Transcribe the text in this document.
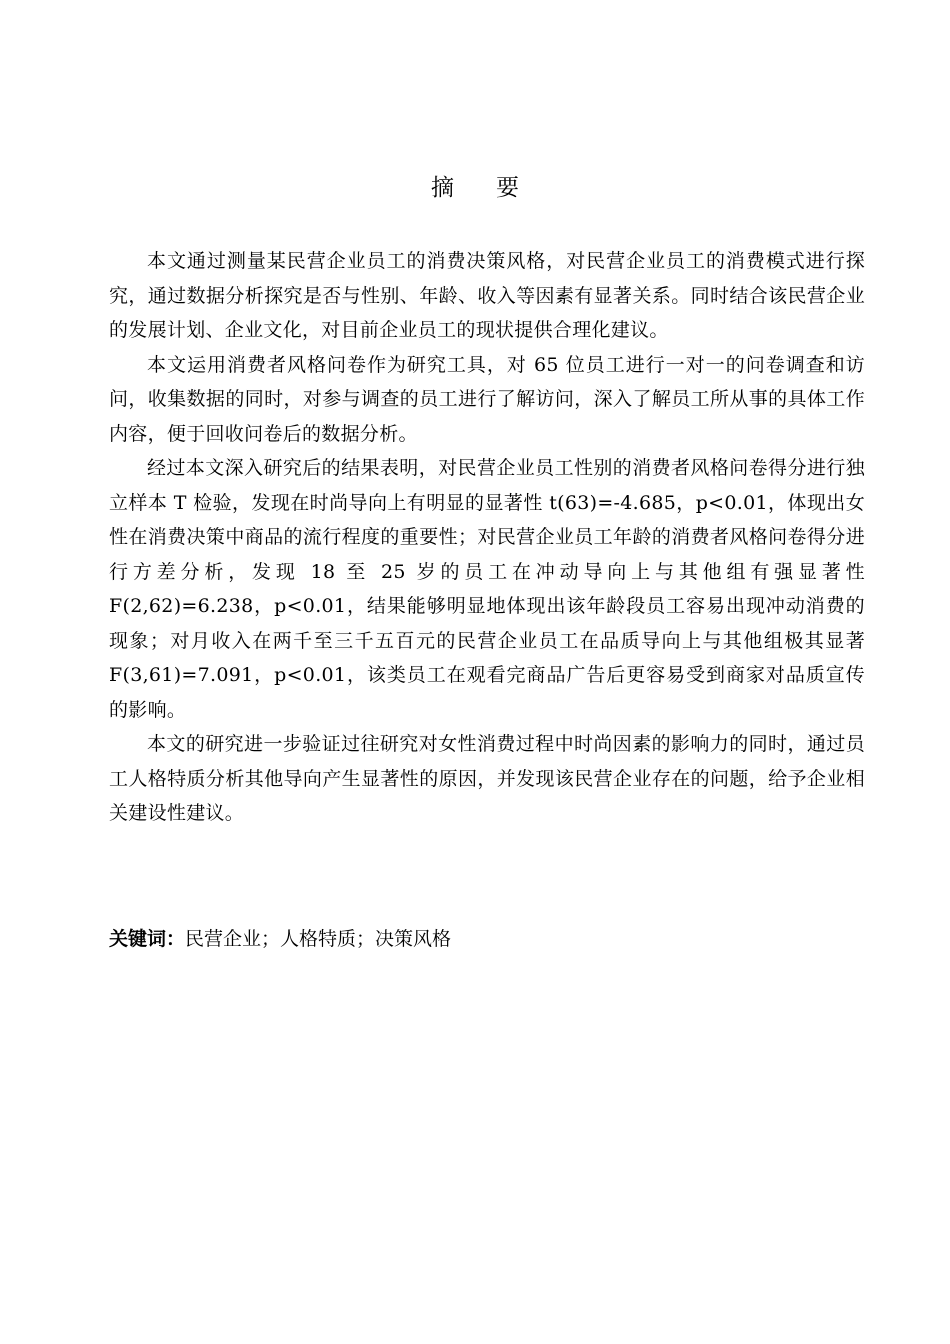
摘 要

本文通过测量某民营企业员工的消费决策风格，对民营企业员工的消费模式进行探究，通过数据分析探究是否与性别、年龄、收入等因素有显著关系。同时结合该民营企业的发展计划、企业文化，对目前企业员工的现状提供合理化建议。

本文运用消费者风格问卷作为研究工具，对 65 位员工进行一对一的问卷调查和访问，收集数据的同时，对参与调查的员工进行了解访问，深入了解员工所从事的具体工作内容，便于回收问卷后的数据分析。

经过本文深入研究后的结果表明，对民营企业员工性别的消费者风格问卷得分进行独立样本 T 检验，发现在时尚导向上有明显的显著性 t(63)=-4.685，p<0.01，体现出女性在消费决策中商品的流行程度的重要性；对民营企业员工年龄的消费者风格问卷得分进行方差分析，发现 18 至 25 岁的员工在冲动导向上与其他组有强显著性 F(2,62)=6.238，p<0.01，结果能够明显地体现出该年龄段员工容易出现冲动消费的现象；对月收入在两千至三千五百元的民营企业员工在品质导向上与其他组极其显著 F(3,61)=7.091，p<0.01，该类员工在观看完商品广告后更容易受到商家对品质宣传的影响。

本文的研究进一步验证过往研究对女性消费过程中时尚因素的影响力的同时，通过员工人格特质分析其他导向产生显著性的原因，并发现该民营企业存在的问题，给予企业相关建设性建议。

关键词：民营企业；人格特质；决策风格
